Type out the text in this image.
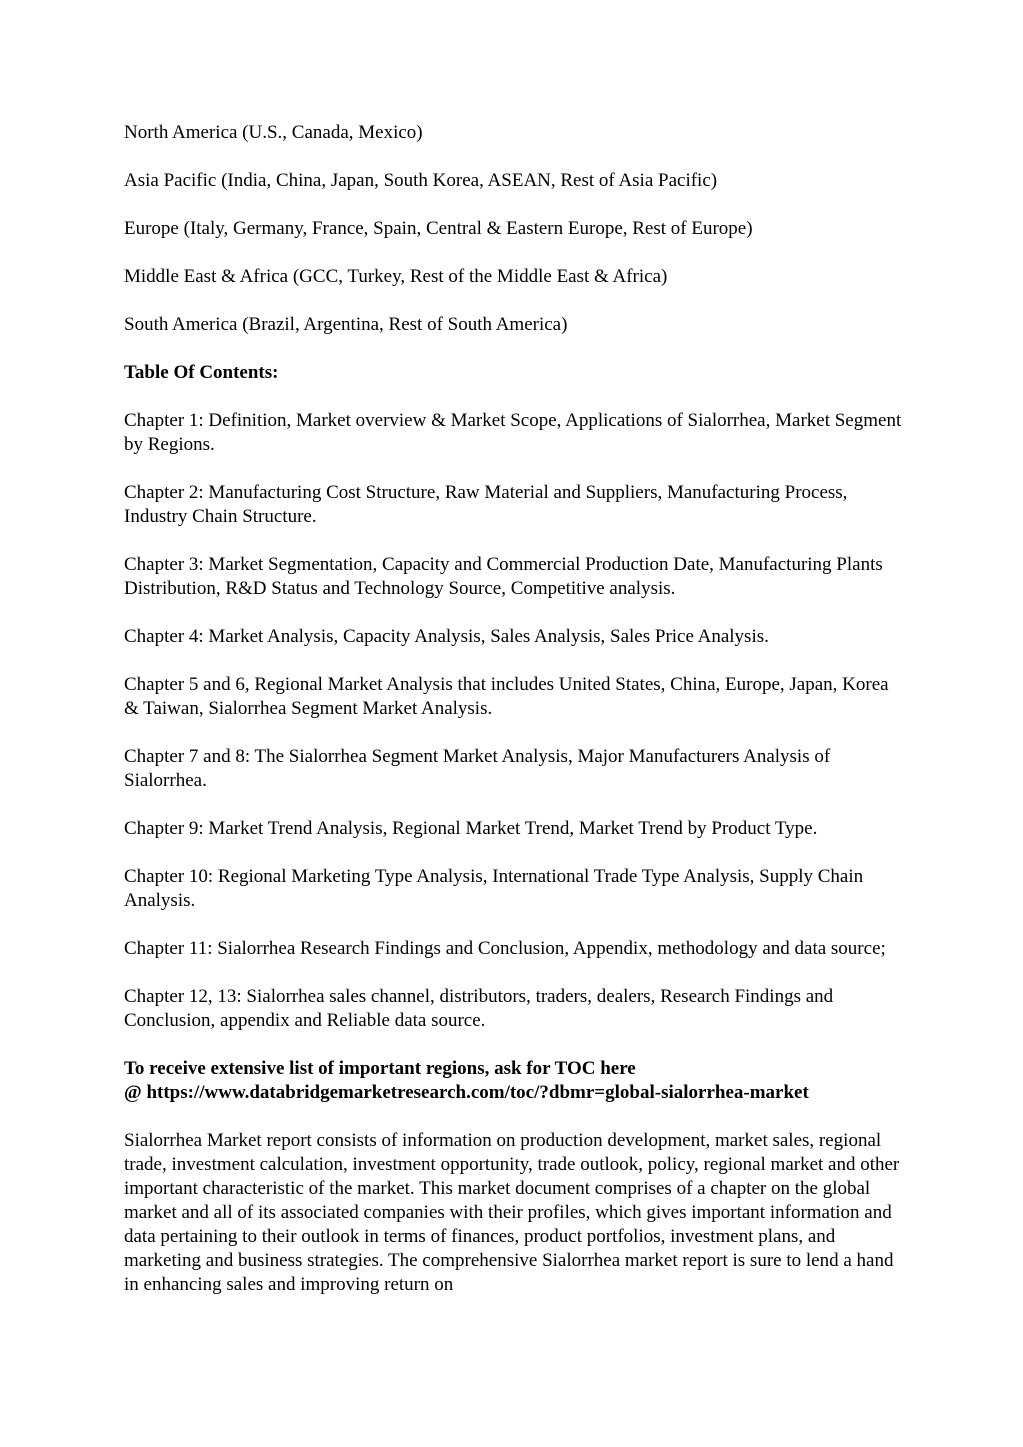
North America (U.S., Canada, Mexico)

Asia Pacific (India, China, Japan, South Korea, ASEAN, Rest of Asia Pacific)

Europe (Italy, Germany, France, Spain, Central & Eastern Europe, Rest of Europe)

Middle East & Africa (GCC, Turkey, Rest of the Middle East & Africa)

South America (Brazil, Argentina, Rest of South America)

Table Of Contents:

Chapter 1: Definition, Market overview & Market Scope, Applications of Sialorrhea, Market Segment by Regions.

Chapter 2: Manufacturing Cost Structure, Raw Material and Suppliers, Manufacturing Process, Industry Chain Structure.

Chapter 3: Market Segmentation, Capacity and Commercial Production Date, Manufacturing Plants Distribution, R&D Status and Technology Source, Competitive analysis.

Chapter 4: Market Analysis, Capacity Analysis, Sales Analysis, Sales Price Analysis.

Chapter 5 and 6, Regional Market Analysis that includes United States, China, Europe, Japan, Korea & Taiwan, Sialorrhea Segment Market Analysis.

Chapter 7 and 8: The Sialorrhea Segment Market Analysis, Major Manufacturers Analysis of Sialorrhea.

Chapter 9: Market Trend Analysis, Regional Market Trend, Market Trend by Product Type.

Chapter 10: Regional Marketing Type Analysis, International Trade Type Analysis, Supply Chain Analysis.

Chapter 11: Sialorrhea Research Findings and Conclusion, Appendix, methodology and data source;

Chapter 12, 13: Sialorrhea sales channel, distributors, traders, dealers, Research Findings and Conclusion, appendix and Reliable data source.

To receive extensive list of important regions, ask for TOC here
@ https://www.databridgemarketresearch.com/toc/?dbmr=global-sialorrhea-market

Sialorrhea Market report consists of information on production development, market sales, regional trade, investment calculation, investment opportunity, trade outlook, policy, regional market and other important characteristic of the market. This market document comprises of a chapter on the global market and all of its associated companies with their profiles, which gives important information and data pertaining to their outlook in terms of finances, product portfolios, investment plans, and marketing and business strategies. The comprehensive Sialorrhea market report is sure to lend a hand in enhancing sales and improving return on
